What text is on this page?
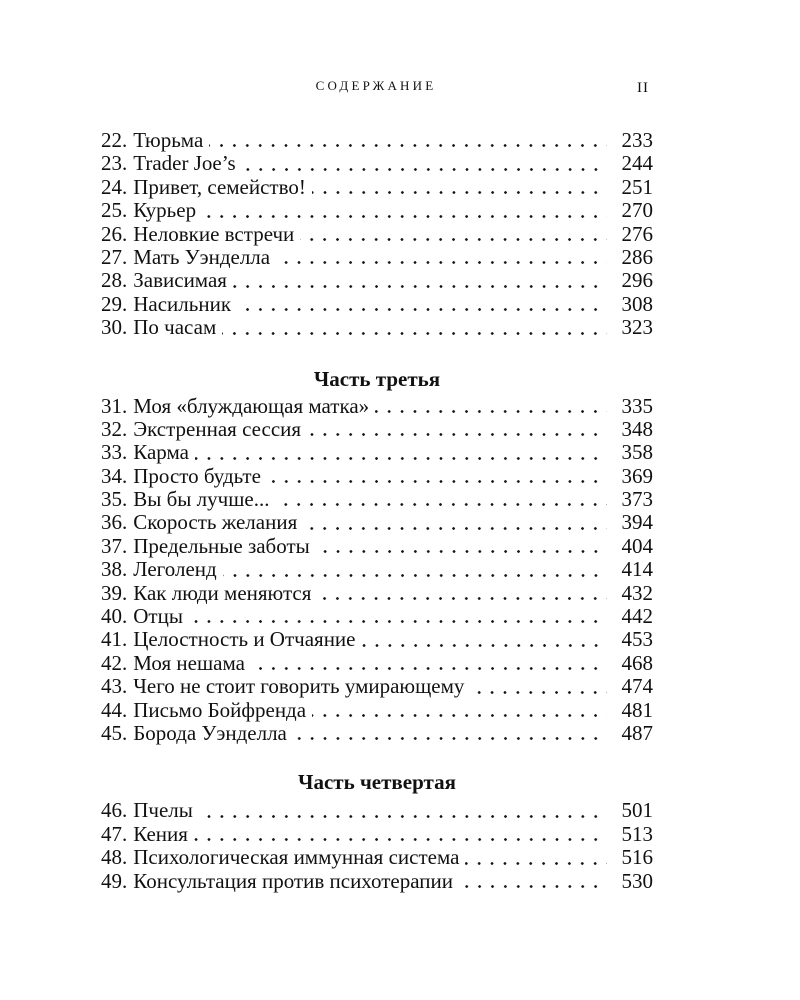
СОДЕРЖАНИЕ	II
22. Тюрьма	233
23. Trader Joe’s	244
24. Привет, семейство!	251
25. Курьер	270
26. Неловкие встречи	276
27. Мать Уэнделла	286
28. Зависимая	296
29. Насильник	308
30. По часам	323
Часть третья
31. Моя «блуждающая матка»	335
32. Экстренная сессия	348
33. Карма	358
34. Просто будьте	369
35. Вы бы лучше...	373
36. Скорость желания	394
37. Предельные заботы	404
38. Леголенд	414
39. Как люди меняются	432
40. Отцы	442
41. Целостность и Отчаяние	453
42. Моя нешама	468
43. Чего не стоит говорить умирающему	474
44. Письмо Бойфренда	481
45. Борода Уэнделла	487
Часть четвертая
46. Пчелы	501
47. Кения	513
48. Психологическая иммунная система	516
49. Консультация против психотерапии	530
